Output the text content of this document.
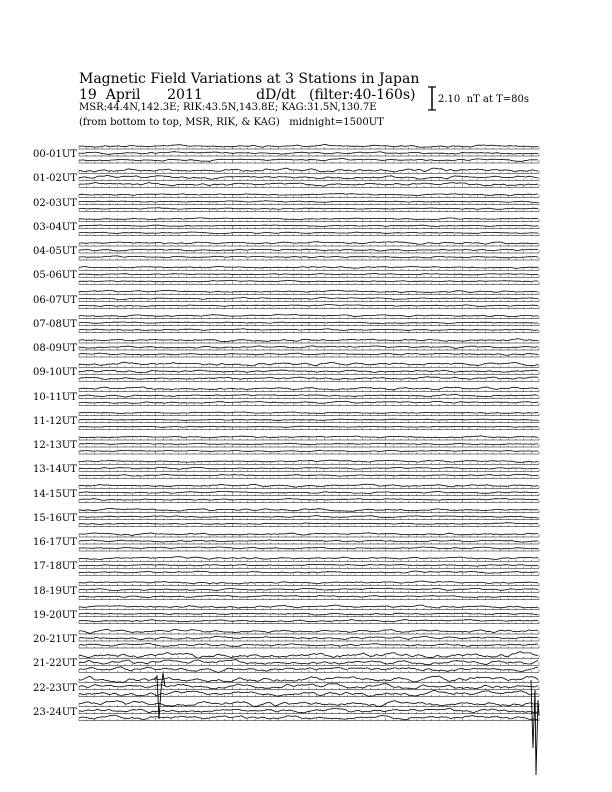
Magnetic Field Variations at 3 Stations in Japan
19  April      2011            dD/dt   (filter:40-160s)
MSR:44.4N,142.3E; RIK:43.5N,143.8E; KAG:31.5N,130.7E
(from bottom to top, MSR, RIK, & KAG)   midnight=1500UT
2.10  nT at T=80s
00-01UT
01-02UT
02-03UT
03-04UT
04-05UT
05-06UT
06-07UT
07-08UT
08-09UT
09-10UT
10-11UT
11-12UT
12-13UT
13-14UT
14-15UT
15-16UT
16-17UT
17-18UT
18-19UT
19-20UT
20-21UT
21-22UT
22-23UT
23-24UT
